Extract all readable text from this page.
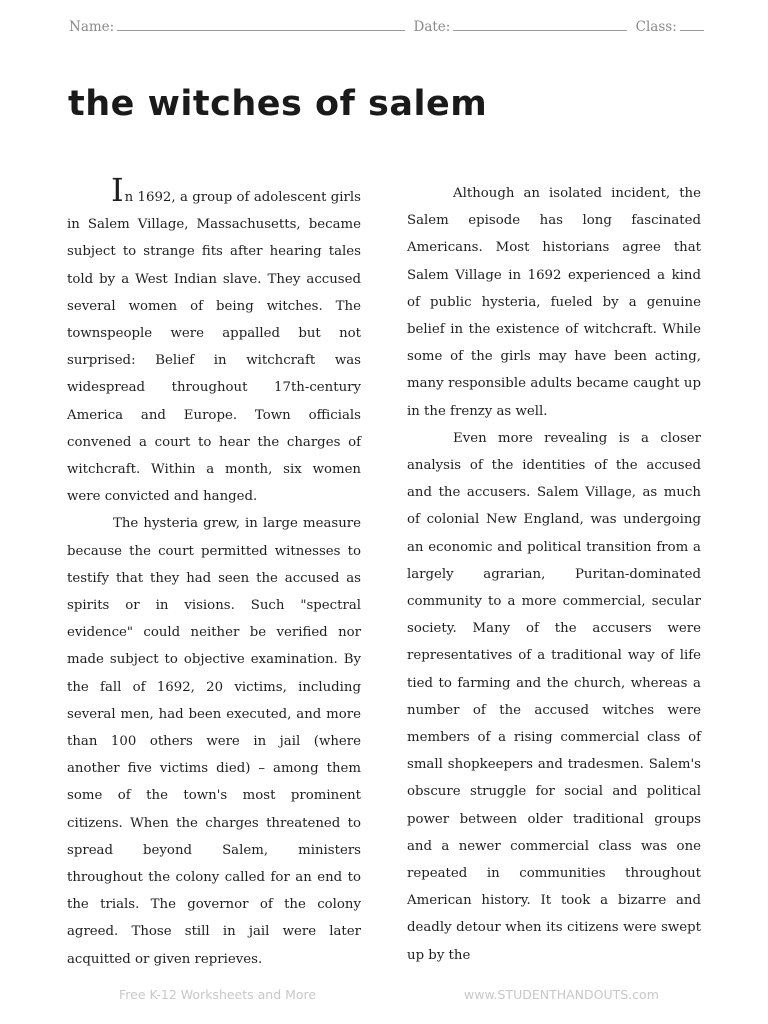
Name:	Date:	Class:
the witches of salem

In 1692, a group of adolescent girls in Salem Village, Massachusetts, became subject to strange fits after hearing tales told by a West Indian slave. They accused several women of being witches. The townspeople were appalled but not surprised: Belief in witchcraft was widespread throughout 17th-century America and Europe. Town officials convened a court to hear the charges of witchcraft. Within a month, six women were convicted and hanged.

The hysteria grew, in large measure because the court permitted witnesses to testify that they had seen the accused as spirits or in visions. Such "spectral evidence" could neither be verified nor made subject to objective examination. By the fall of 1692, 20 victims, including several men, had been executed, and more than 100 others were in jail (where another five victims died) – among them some of the town's most prominent citizens. When the charges threatened to spread beyond Salem, ministers throughout the colony called for an end to the trials. The governor of the colony agreed. Those still in jail were later acquitted or given reprieves.

Although an isolated incident, the Salem episode has long fascinated Americans. Most historians agree that Salem Village in 1692 experienced a kind of public hysteria, fueled by a genuine belief in the existence of witchcraft. While some of the girls may have been acting, many responsible adults became caught up in the frenzy as well.

Even more revealing is a closer analysis of the identities of the accused and the accusers. Salem Village, as much of colonial New England, was undergoing an economic and political transition from a largely agrarian, Puritan-dominated community to a more commercial, secular society. Many of the accusers were representatives of a traditional way of life tied to farming and the church, whereas a number of the accused witches were members of a rising commercial class of small shopkeepers and tradesmen. Salem's obscure struggle for social and political power between older traditional groups and a newer commercial class was one repeated in communities throughout American history. It took a bizarre and deadly detour when its citizens were swept up by the

Free K-12 Worksheets and More	www.STUDENTHANDOUTS.com
